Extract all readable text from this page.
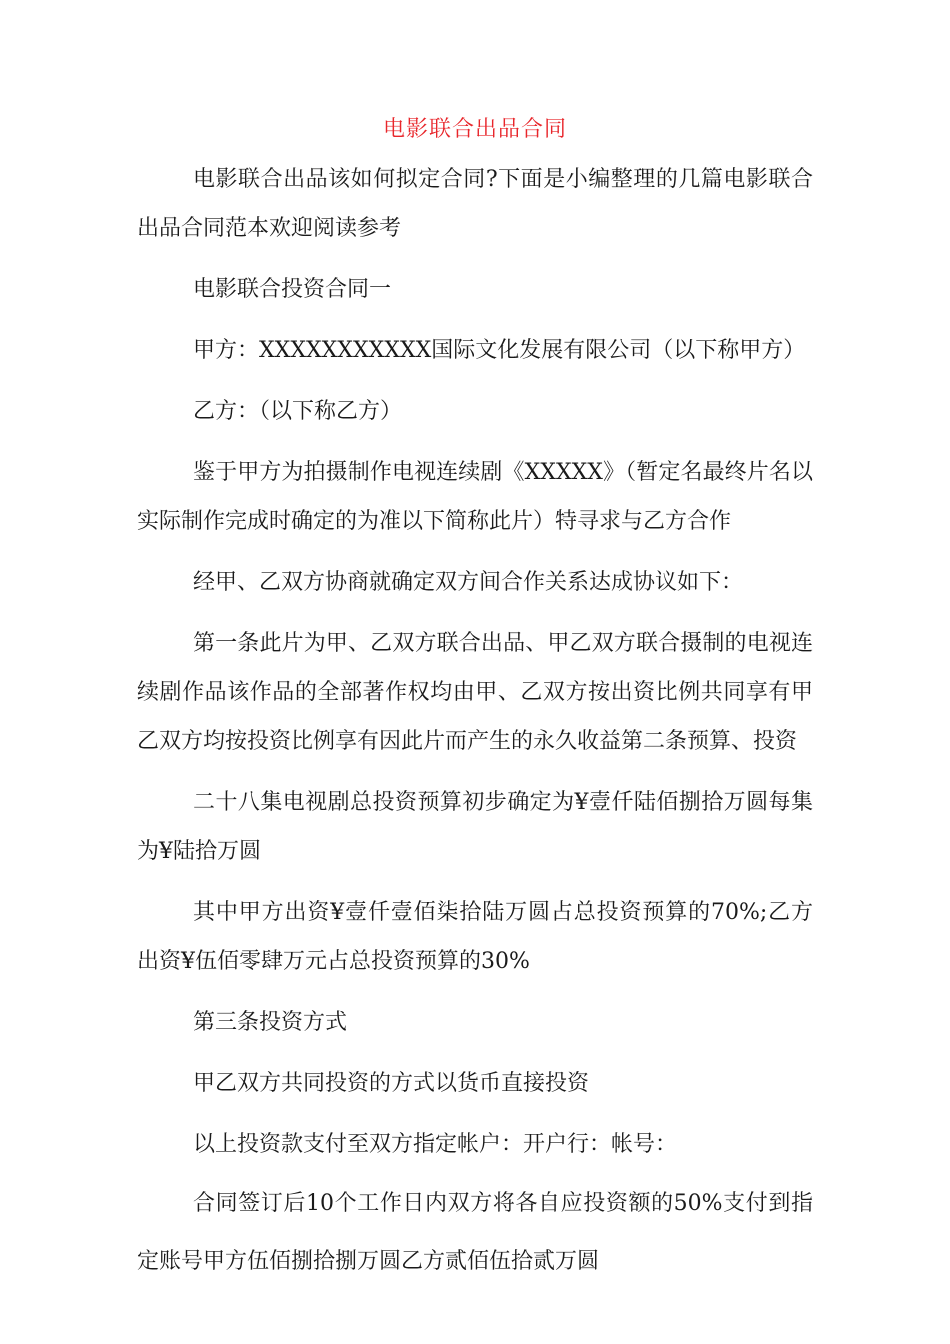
电影联合出品合同

电影联合出品该如何拟定合同?下面是小编整理的几篇电影联合出品合同范本欢迎阅读参考

电影联合投资合同一

甲方：XXXXXXXXXXX国际文化发展有限公司（以下称甲方）

乙方：（以下称乙方）

鉴于甲方为拍摄制作电视连续剧《XXXXX》（暂定名最终片名以实际制作完成时确定的为准以下简称此片）特寻求与乙方合作

经甲、乙双方协商就确定双方间合作关系达成协议如下：

第一条此片为甲、乙双方联合出品、甲乙双方联合摄制的电视连续剧作品该作品的全部著作权均由甲、乙双方按出资比例共同享有甲乙双方均按投资比例享有因此片而产生的永久收益第二条预算、投资

二十八集电视剧总投资预算初步确定为¥壹仟陆佰捌拾万圆每集为¥陆拾万圆

其中甲方出资¥壹仟壹佰柒拾陆万圆占总投资预算的70%;乙方出资¥伍佰零肆万元占总投资预算的30%

第三条投资方式

甲乙双方共同投资的方式以货币直接投资

以上投资款支付至双方指定帐户：开户行：帐号：

合同签订后10个工作日内双方将各自应投资额的50%支付到指定账号甲方伍佰捌拾捌万圆乙方贰佰伍拾贰万圆
